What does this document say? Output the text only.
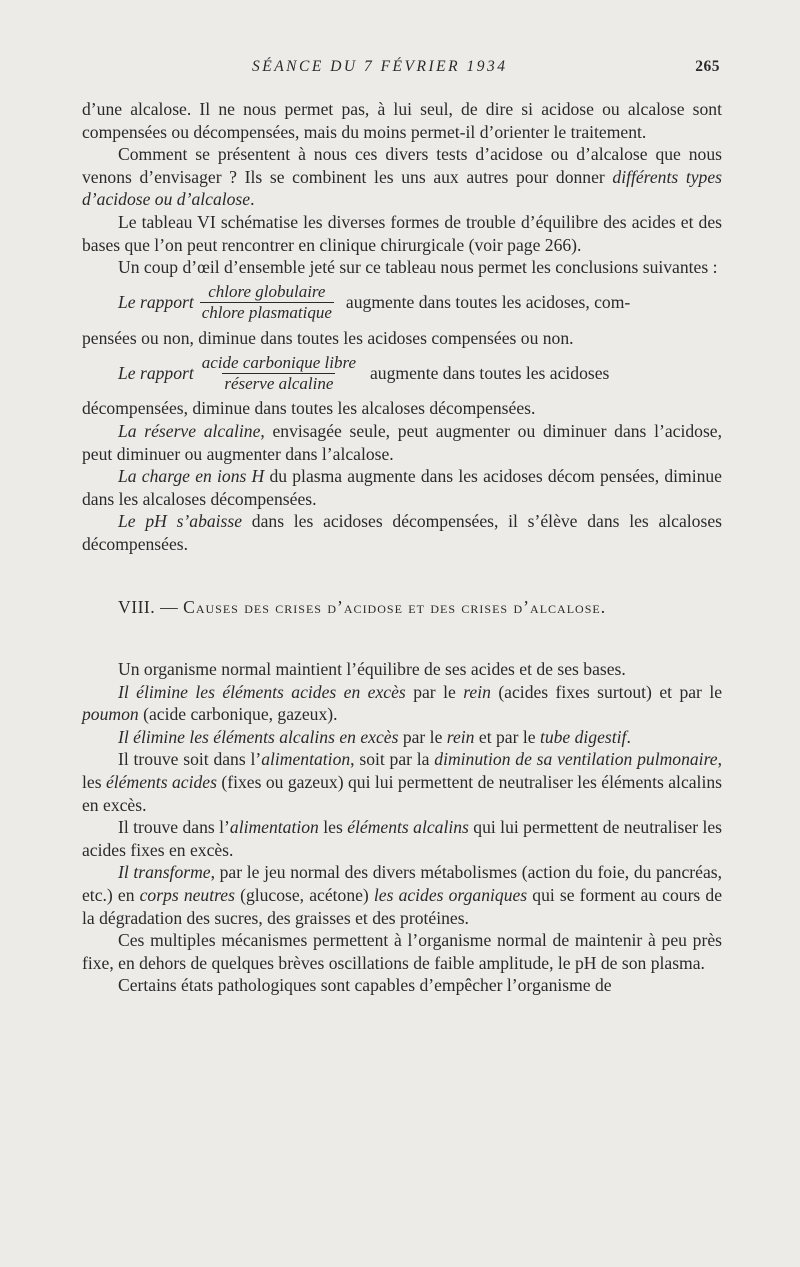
SÉANCE DU 7 FÉVRIER 1934	265

d’une alcalose. Il ne nous permet pas, à lui seul, de dire si acidose ou alcalose sont compensées ou décompensées, mais du moins permet-il d’orienter le traitement.

Comment se présentent à nous ces divers tests d’acidose ou d’alcalose que nous venons d’envisager ? Ils se combinent les uns aux autres pour donner différents types d’acidose ou d’alcalose.

Le tableau VI schématise les diverses formes de trouble d’équilibre des acides et des bases que l’on peut rencontrer en clinique chirurgicale (voir page 266).

Un coup d’œil d’ensemble jeté sur ce tableau nous permet les conclusions suivantes :

Le rapport $\frac{\text{chlore globulaire}}{\text{chlore plasmatique}}$ augmente dans toutes les acidoses, com-

pensées ou non, diminue dans toutes les acidoses compensées ou non.

Le rapport $\frac{\text{acide carbonique libre}}{\text{réserve alcaline}}$ augmente dans toutes les acidoses

décompensées, diminue dans toutes les alcaloses décompensées.

La réserve alcaline, envisagée seule, peut augmenter ou diminuer dans l’acidose, peut diminuer ou augmenter dans l’alcalose.

La charge en ions H du plasma augmente dans les acidoses décom pensées, diminue dans les alcaloses décompensées.

Le pH s’abaisse dans les acidoses décompensées, il s’élève dans les alcaloses décompensées.

VIII. — Causes des crises d’acidose et des crises d’alcalose.

Un organisme normal maintient l’équilibre de ses acides et de ses bases.

Il élimine les éléments acides en excès par le rein (acides fixes surtout) et par le poumon (acide carbonique, gazeux).

Il élimine les éléments alcalins en excès par le rein et par le tube digestif.

Il trouve soit dans l’alimentation, soit par la diminution de sa ventilation pulmonaire, les éléments acides (fixes ou gazeux) qui lui permettent de neutraliser les éléments alcalins en excès.

Il trouve dans l’alimentation les éléments alcalins qui lui permettent de neutraliser les acides fixes en excès.

Il transforme, par le jeu normal des divers métabolismes (action du foie, du pancréas, etc.) en corps neutres (glucose, acétone) les acides organiques qui se forment au cours de la dégradation des sucres, des graisses et des protéines.

Ces multiples mécanismes permettent à l’organisme normal de maintenir à peu près fixe, en dehors de quelques brèves oscillations de faible amplitude, le pH de son plasma.

Certains états pathologiques sont capables d’empêcher l’organisme de
